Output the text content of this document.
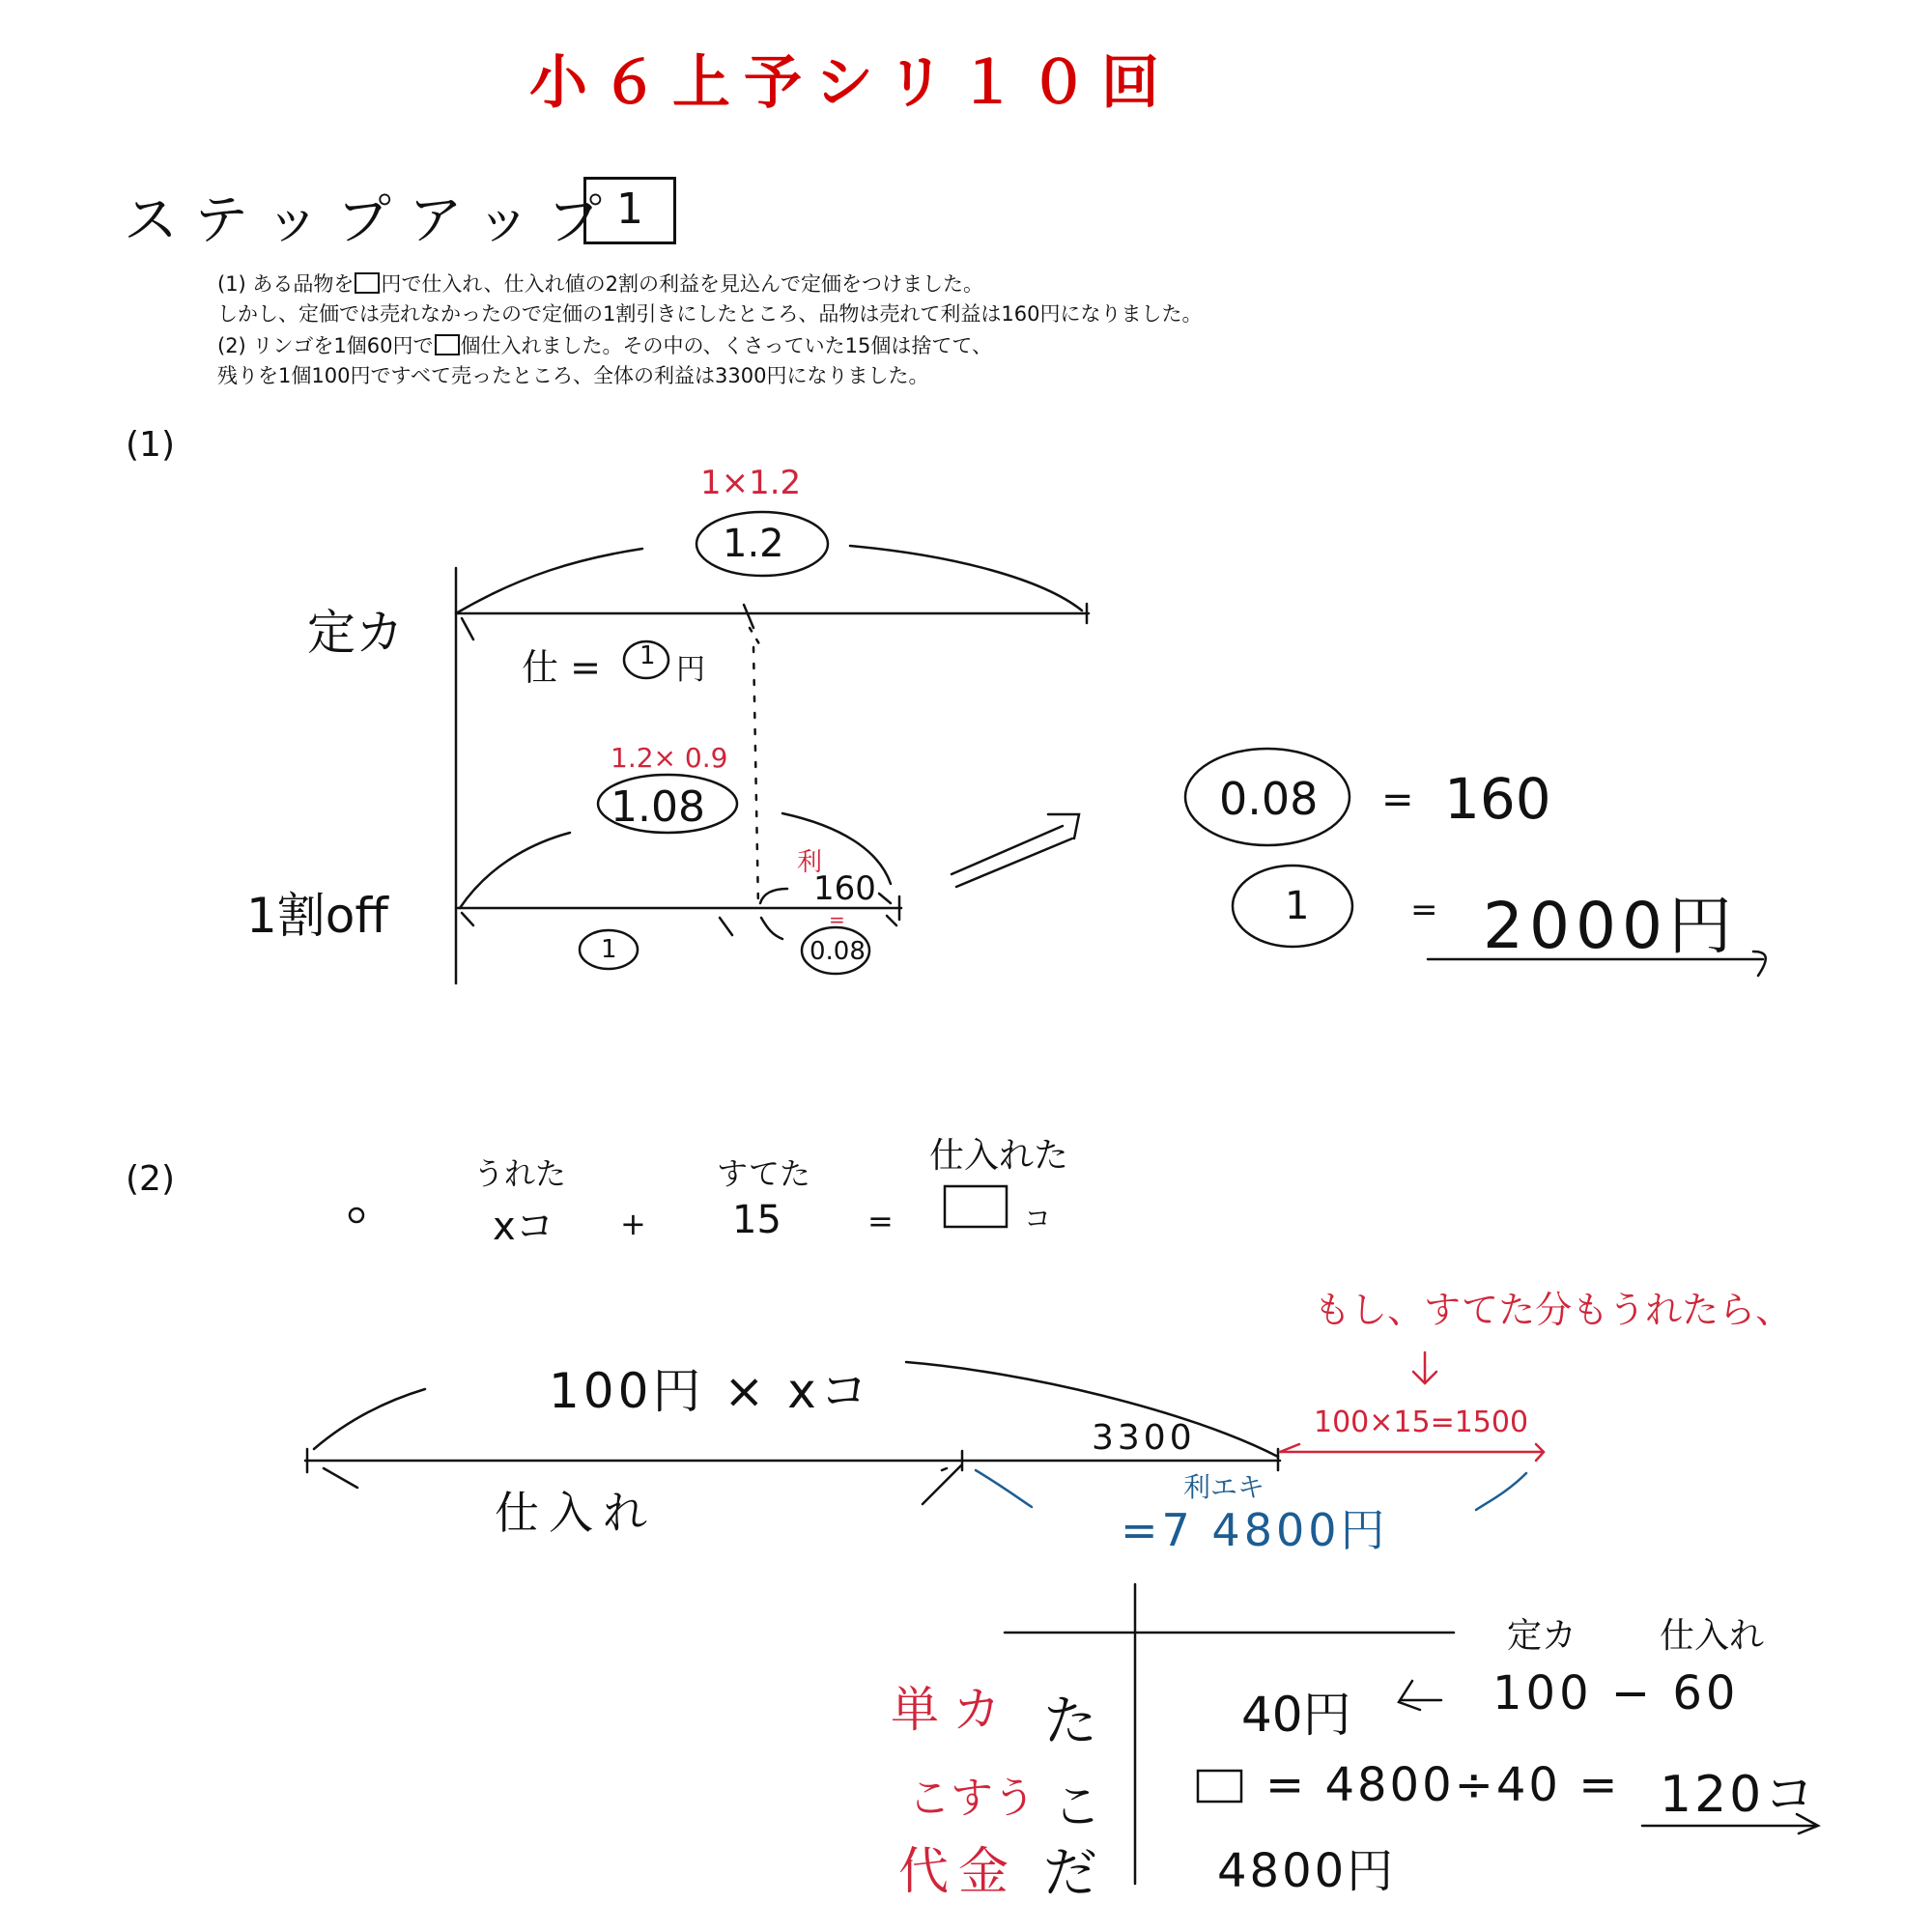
小６上予シリ１０回
ステップアップ
1
(1) ある品物を 円で仕入れ、仕入れ値の2割の利益を見込んで定価をつけました。
しかし、定価では売れなかったので定価の1割引きにしたところ、品物は売れて利益は160円になりました。
(2) リンゴを1個60円で 個仕入れました。その中の、くさっていた15個は捨てて、
残りを1個100円ですべて売ったところ、全体の利益は3300円になりました。
(1)
1×1.2
1.2
定カ
仕 = 1 円
1.2× 0.9
1.08
1割off
利
160
=
1	0.08
0.08 = 160
1	= 2000円
(2)	うれた
xコ +
すてた
15	=
仕入れた
コ
もし、すてた分もうれたら、
100円 × xコ
100×15=1500
3300
仕入れ	利エキ
=7 4800円
定カ 仕入れ
単カ た	40円	100 − 60
こすう こ	= 4800÷40 = 120コ
代金 だ	4800円
